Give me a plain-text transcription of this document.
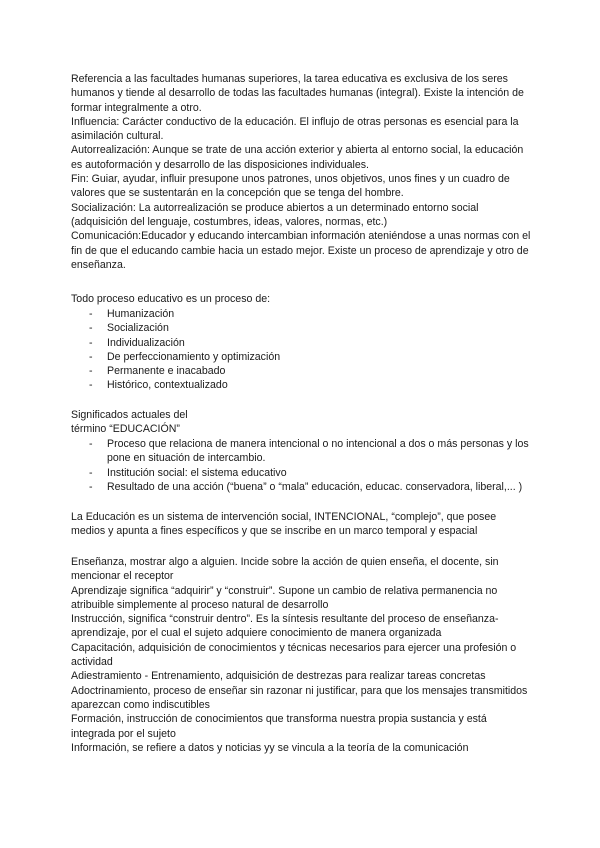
Referencia a las facultades humanas superiores, la tarea educativa es exclusiva de los seres humanos y tiende al desarrollo de todas las facultades humanas (integral). Existe la intención de formar integralmente a otro.

Influencia: Carácter conductivo de la educación. El influjo de otras personas es esencial para la asimilación cultural.

Autorrealización: Aunque se trate de una acción exterior y abierta al entorno social, la educación es autoformación y desarrollo de las disposiciones individuales.

Fin: Guiar, ayudar, influir presupone unos patrones, unos objetivos, unos fines y un cuadro de valores que se sustentarán en la concepción que se tenga del hombre.

Socialización: La autorrealización se produce abiertos a un determinado entorno social (adquisición del lenguaje, costumbres, ideas, valores, normas, etc.)

Comunicación:Educador y educando intercambian información ateniéndose a unas normas con el fin de que el educando cambie hacia un estado mejor. Existe un proceso de aprendizaje y otro de enseñanza.

Todo proceso educativo es un proceso de:

- Humanización
- Socialización
- Individualización
- De perfeccionamiento y optimización
- Permanente e inacabado
- Histórico, contextualizado

Significados actuales del

término “EDUCACIÓN”

- Proceso que relaciona de manera intencional o no intencional a dos o más personas y los pone en situación de intercambio.
- Institución social: el sistema educativo
- Resultado de una acción (“buena” o “mala” educación, educac. conservadora, liberal,... )

La Educación es un sistema de intervención social, INTENCIONAL, “complejo”, que posee medios y apunta a fines específicos y que se inscribe en un marco temporal y espacial

Enseñanza, mostrar algo a alguien. Incide sobre la acción de quien enseña, el docente, sin mencionar el receptor

Aprendizaje significa “adquirir” y “construir”. Supone un cambio de relativa permanencia no atribuible simplemente al proceso natural de desarrollo

Instrucción, significa “construir dentro”. Es la síntesis resultante del proceso de enseñanza-aprendizaje, por el cual el sujeto adquiere conocimiento de manera organizada

Capacitación, adquisición de conocimientos y técnicas necesarios para ejercer una profesión o actividad

Adiestramiento - Entrenamiento, adquisición de destrezas para realizar tareas concretas

Adoctrinamiento, proceso de enseñar sin razonar ni justificar, para que los mensajes transmitidos aparezcan como indiscutibles

Formación, instrucción de conocimientos que transforma nuestra propia sustancia y está integrada por el sujeto

Información, se refiere a datos y noticias yy se vincula a la teoría de la comunicación
